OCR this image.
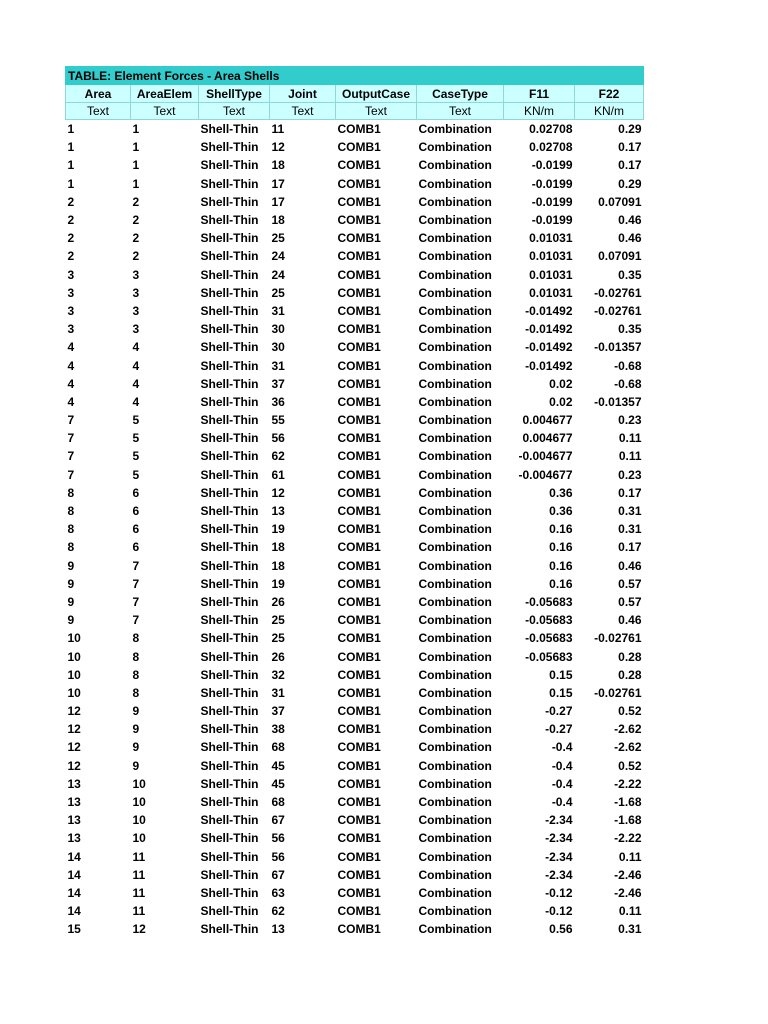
TABLE: Element Forces - Area Shells							
Area	AreaElem	ShellType	Joint	OutputCase	CaseType	F11	F22
Text	Text	Text	Text	Text	Text	KN/m	KN/m
1	1	Shell-Thin	11	COMB1	Combination	0.02708	0.29
1	1	Shell-Thin	12	COMB1	Combination	0.02708	0.17
1	1	Shell-Thin	18	COMB1	Combination	-0.0199	0.17
1	1	Shell-Thin	17	COMB1	Combination	-0.0199	0.29
2	2	Shell-Thin	17	COMB1	Combination	-0.0199	0.07091
2	2	Shell-Thin	18	COMB1	Combination	-0.0199	0.46
2	2	Shell-Thin	25	COMB1	Combination	0.01031	0.46
2	2	Shell-Thin	24	COMB1	Combination	0.01031	0.07091
3	3	Shell-Thin	24	COMB1	Combination	0.01031	0.35
3	3	Shell-Thin	25	COMB1	Combination	0.01031	-0.02761
3	3	Shell-Thin	31	COMB1	Combination	-0.01492	-0.02761
3	3	Shell-Thin	30	COMB1	Combination	-0.01492	0.35
4	4	Shell-Thin	30	COMB1	Combination	-0.01492	-0.01357
4	4	Shell-Thin	31	COMB1	Combination	-0.01492	-0.68
4	4	Shell-Thin	37	COMB1	Combination	0.02	-0.68
4	4	Shell-Thin	36	COMB1	Combination	0.02	-0.01357
7	5	Shell-Thin	55	COMB1	Combination	0.004677	0.23
7	5	Shell-Thin	56	COMB1	Combination	0.004677	0.11
7	5	Shell-Thin	62	COMB1	Combination	-0.004677	0.11
7	5	Shell-Thin	61	COMB1	Combination	-0.004677	0.23
8	6	Shell-Thin	12	COMB1	Combination	0.36	0.17
8	6	Shell-Thin	13	COMB1	Combination	0.36	0.31
8	6	Shell-Thin	19	COMB1	Combination	0.16	0.31
8	6	Shell-Thin	18	COMB1	Combination	0.16	0.17
9	7	Shell-Thin	18	COMB1	Combination	0.16	0.46
9	7	Shell-Thin	19	COMB1	Combination	0.16	0.57
9	7	Shell-Thin	26	COMB1	Combination	-0.05683	0.57
9	7	Shell-Thin	25	COMB1	Combination	-0.05683	0.46
10	8	Shell-Thin	25	COMB1	Combination	-0.05683	-0.02761
10	8	Shell-Thin	26	COMB1	Combination	-0.05683	0.28
10	8	Shell-Thin	32	COMB1	Combination	0.15	0.28
10	8	Shell-Thin	31	COMB1	Combination	0.15	-0.02761
12	9	Shell-Thin	37	COMB1	Combination	-0.27	0.52
12	9	Shell-Thin	38	COMB1	Combination	-0.27	-2.62
12	9	Shell-Thin	68	COMB1	Combination	-0.4	-2.62
12	9	Shell-Thin	45	COMB1	Combination	-0.4	0.52
13	10	Shell-Thin	45	COMB1	Combination	-0.4	-2.22
13	10	Shell-Thin	68	COMB1	Combination	-0.4	-1.68
13	10	Shell-Thin	67	COMB1	Combination	-2.34	-1.68
13	10	Shell-Thin	56	COMB1	Combination	-2.34	-2.22
14	11	Shell-Thin	56	COMB1	Combination	-2.34	0.11
14	11	Shell-Thin	67	COMB1	Combination	-2.34	-2.46
14	11	Shell-Thin	63	COMB1	Combination	-0.12	-2.46
14	11	Shell-Thin	62	COMB1	Combination	-0.12	0.11
15	12	Shell-Thin	13	COMB1	Combination	0.56	0.31
